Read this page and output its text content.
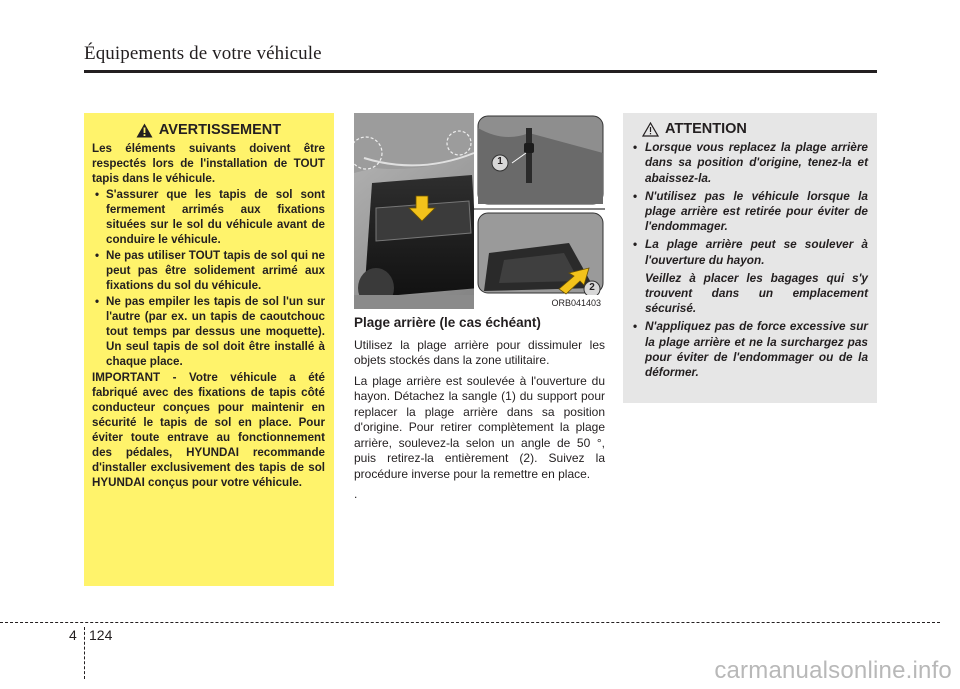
Équipements de votre véhicule
AVERTISSEMENT

Les éléments suivants doivent être respectés lors de l'installation de TOUT tapis dans le véhicule.

• S'assurer que les tapis de sol sont fermement arrimés aux fixations situées sur le sol du véhicule avant de conduire le véhicule.
• Ne pas utiliser TOUT tapis de sol qui ne peut pas être solidement arrimé aux fixations du sol du véhicule.
• Ne pas empiler les tapis de sol l'un sur l'autre (par ex. un tapis de caoutchouc tout temps par dessus une moquette). Un seul tapis de sol doit être installé à chaque place.

IMPORTANT - Votre véhicule a été fabriqué avec des fixations de tapis côté conducteur conçues pour maintenir en sécurité le tapis de sol en place. Pour éviter toute entrave au fonctionnement des pédales, HYUNDAI recommande d'installer exclusivement des tapis de sol HYUNDAI conçus pour votre véhicule.

1
2
ORB041403
Plage arrière (le cas échéant)

Utilisez la plage arrière pour dissimuler les objets stockés dans la zone utilitaire.

La plage arrière est soulevée à l'ouverture du hayon. Détachez la sangle (1) du support pour replacer la plage arrière dans sa position d'origine. Pour retirer complètement la plage arrière, soulevez-la selon un angle de 50 °, puis retirez-la entièrement (2). Suivez la procédure inverse pour la remettre en place.

.

ATTENTION
• Lorsque vous replacez la plage arrière dans sa position d'origine, tenez-la et abaissez-la.
• N'utilisez pas le véhicule lorsque la plage arrière est retirée pour éviter de l'endommager.
• La plage arrière peut se soulever à l'ouverture du hayon.

Veillez à placer les bagages qui s'y trouvent dans un emplacement sécurisé.

• N'appliquez pas de force excessive sur la plage arrière et ne la surchargez pas pour éviter de l'endommager ou de la déformer.
4 124
carmanualsonline.info
